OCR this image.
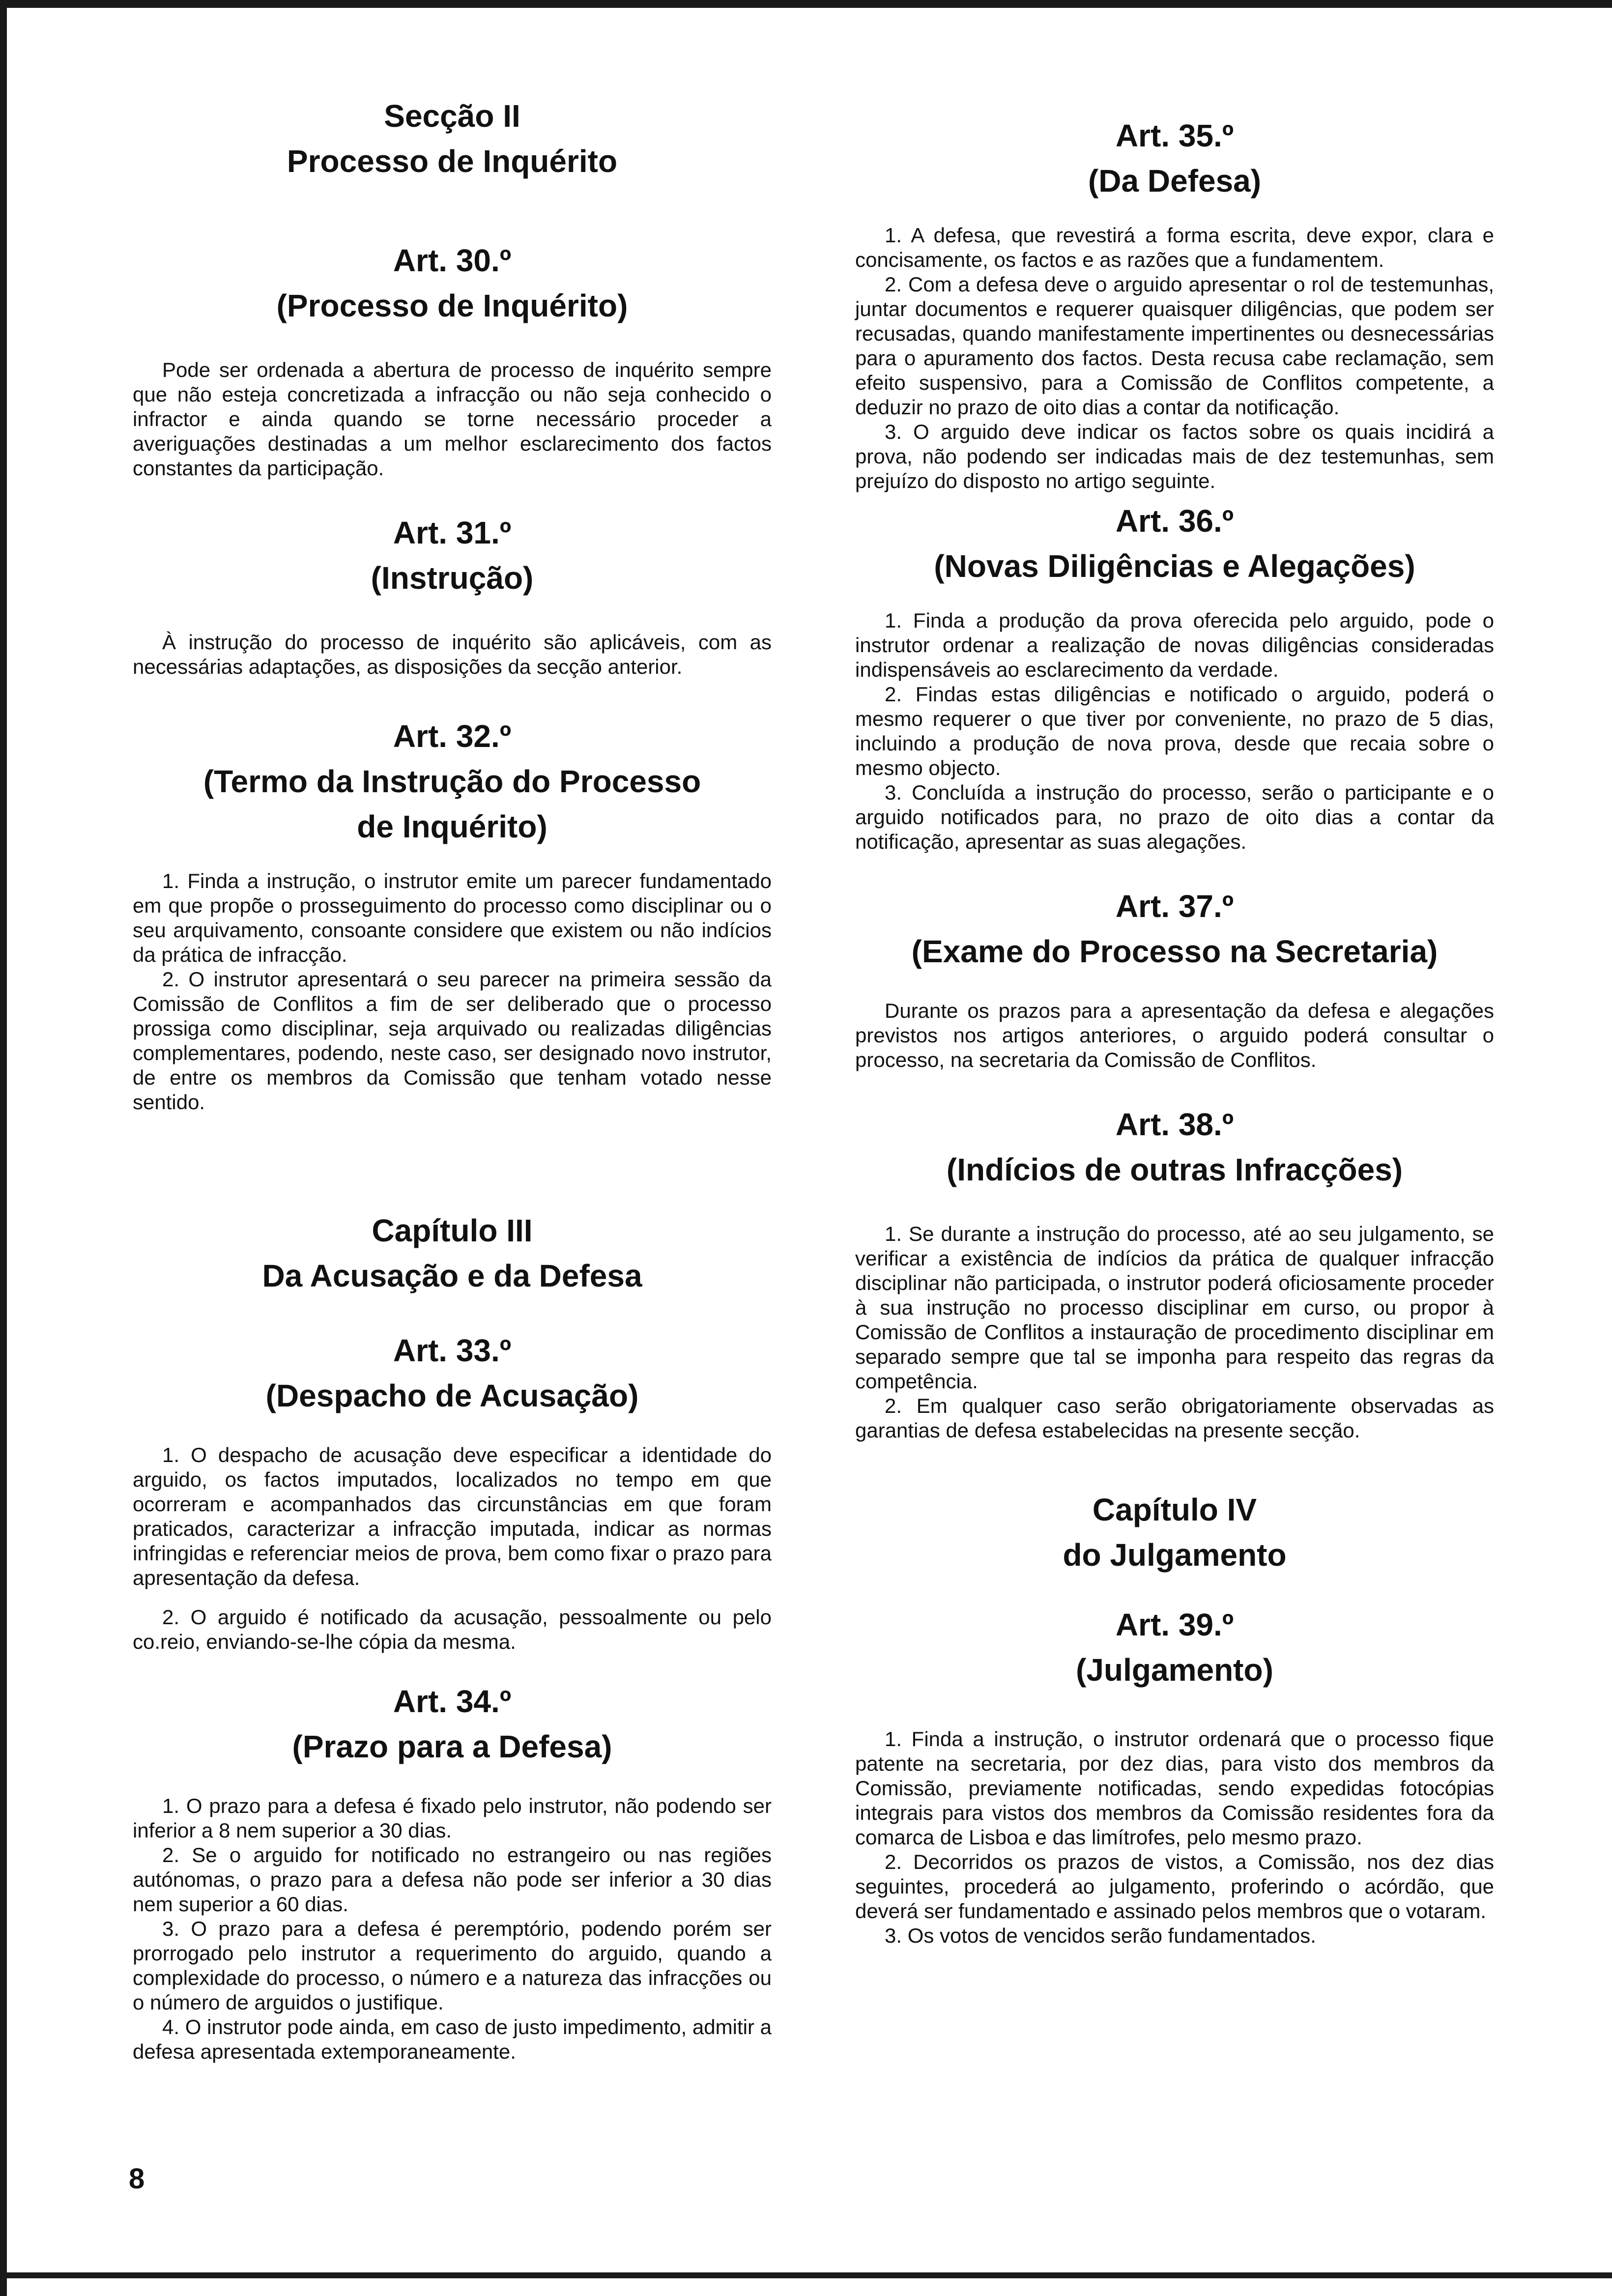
Secção II
Processo de Inquérito
Art. 30.º
(Processo de Inquérito)

Pode ser ordenada a abertura de processo de inquérito sempre que não esteja concretizada a infracção ou não seja conhecido o infractor e ainda quando se torne necessário proceder a averiguações destinadas a um melhor esclarecimento dos factos constantes da participação.

Art. 31.º
(Instrução)

À instrução do processo de inquérito são aplicáveis, com as necessárias adaptações, as disposições da secção anterior.

Art. 32.º
(Termo da Instrução do Processo
de Inquérito)

1. Finda a instrução, o instrutor emite um parecer fundamentado em que propõe o prosseguimento do processo como disciplinar ou o seu arquivamento, consoante considere que existem ou não indícios da prática de infracção.

2. O instrutor apresentará o seu parecer na primeira sessão da Comissão de Conflitos a fim de ser deliberado que o processo prossiga como disciplinar, seja arquivado ou realizadas diligências complementares, podendo, neste caso, ser designado novo instrutor, de entre os membros da Comissão que tenham votado nesse sentido.

Capítulo III
Da Acusação e da Defesa
Art. 33.º
(Despacho de Acusação)

1. O despacho de acusação deve especificar a identidade do arguido, os factos imputados, localizados no tempo em que ocorreram e acompanhados das circunstâncias em que foram praticados, caracterizar a infracção imputada, indicar as normas infringidas e referenciar meios de prova, bem como fixar o prazo para apresentação da defesa.

2. O arguido é notificado da acusação, pessoalmente ou pelo co.reio, enviando-se-lhe cópia da mesma.

Art. 34.º
(Prazo para a Defesa)

1. O prazo para a defesa é fixado pelo instrutor, não podendo ser inferior a 8 nem superior a 30 dias.

2. Se o arguido for notificado no estrangeiro ou nas regiões autónomas, o prazo para a defesa não pode ser inferior a 30 dias nem superior a 60 dias.

3. O prazo para a defesa é peremptório, podendo porém ser prorrogado pelo instrutor a requerimento do arguido, quando a complexidade do processo, o número e a natureza das infracções ou o número de arguidos o justifique.

4. O instrutor pode ainda, em caso de justo impedimento, admitir a defesa apresentada extemporaneamente.

Art. 35.º
(Da Defesa)

1. A defesa, que revestirá a forma escrita, deve expor, clara e concisamente, os factos e as razões que a fundamentem.

2. Com a defesa deve o arguido apresentar o rol de testemunhas, juntar documentos e requerer quaisquer diligências, que podem ser recusadas, quando manifestamente impertinentes ou desnecessárias para o apuramento dos factos. Desta recusa cabe reclamação, sem efeito suspensivo, para a Comissão de Conflitos competente, a deduzir no prazo de oito dias a contar da notificação.

3. O arguido deve indicar os factos sobre os quais incidirá a prova, não podendo ser indicadas mais de dez testemunhas, sem prejuízo do disposto no artigo seguinte.

Art. 36.º
(Novas Diligências e Alegações)

1. Finda a produção da prova oferecida pelo arguido, pode o instrutor ordenar a realização de novas diligências consideradas indispensáveis ao esclarecimento da verdade.

2. Findas estas diligências e notificado o arguido, poderá o mesmo requerer o que tiver por conveniente, no prazo de 5 dias, incluindo a produção de nova prova, desde que recaia sobre o mesmo objecto.

3. Concluída a instrução do processo, serão o participante e o arguido notificados para, no prazo de oito dias a contar da notificação, apresentar as suas alegações.

Art. 37.º
(Exame do Processo na Secretaria)

Durante os prazos para a apresentação da defesa e alegações previstos nos artigos anteriores, o arguido poderá consultar o processo, na secretaria da Comissão de Conflitos.

Art. 38.º
(Indícios de outras Infracções)

1. Se durante a instrução do processo, até ao seu julgamento, se verificar a existência de indícios da prática de qualquer infracção disciplinar não participada, o instrutor poderá oficiosamente proceder à sua instrução no processo disciplinar em curso, ou propor à Comissão de Conflitos a instauração de procedimento disciplinar em separado sempre que tal se imponha para respeito das regras da competência.

2. Em qualquer caso serão obrigatoriamente observadas as garantias de defesa estabelecidas na presente secção.

Capítulo IV
do Julgamento
Art. 39.º
(Julgamento)

1. Finda a instrução, o instrutor ordenará que o processo fique patente na secretaria, por dez dias, para visto dos membros da Comissão, previamente notificadas, sendo expedidas fotocópias integrais para vistos dos membros da Comissão residentes fora da comarca de Lisboa e das limítrofes, pelo mesmo prazo.

2. Decorridos os prazos de vistos, a Comissão, nos dez dias seguintes, procederá ao julgamento, proferindo o acórdão, que deverá ser fundamentado e assinado pelos membros que o votaram.

3. Os votos de vencidos serão fundamentados.

8
